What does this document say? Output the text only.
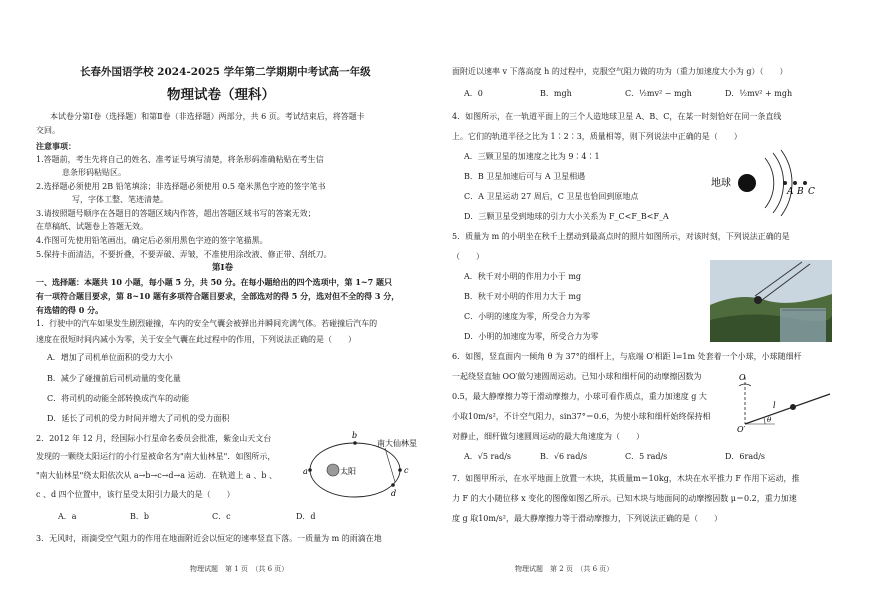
长春外国语学校 2024-2025 学年第二学期期中考试高一年级
物理试卷（理科）
本试卷分第Ⅰ卷（选择题）和第Ⅱ卷（非选择题）两部分，共 6 页。考试结束后，将答题卡
交回。
注意事项：
1.答题前，考生先将自己的姓名、准考证号填写清楚，将条形码准确粘贴在考生信
息条形码粘贴区。
2.选择题必须使用 2B 铅笔填涂；非选择题必须使用 0.5 毫米黑色字迹的签字笔书
写，字体工整、笔迹清楚。
3.请按照题号顺序在各题目的答题区域内作答，超出答题区域书写的答案无效；
在草稿纸、试题卷上答题无效。
4.作图可先使用铅笔画出，确定后必须用黑色字迹的签字笔描黑。
5.保持卡面清洁，不要折叠，不要弄破、弄皱，不准使用涂改液、修正带、刮纸刀。
第Ⅰ卷
一、选择题：本题共 10 小题，每小题 5 分，共 50 分。在每小题给出的四个选项中，第 1~7 题只
有一项符合题目要求，第 8~10 题有多项符合题目要求，全部选对的得 5 分，选对但不全的得 3 分，
有选错的得 0 分。
1．行驶中的汽车如果发生剧烈碰撞，车内的安全气囊会被弹出并瞬间充满气体。若碰撞后汽车的
速度在很短时间内减小为零，关于安全气囊在此过程中的作用，下列说法正确的是（　　）
A．增加了司机单位面积的受力大小
B．减少了碰撞前后司机动量的变化量
C．将司机的动能全部转换成汽车的动能
D．延长了司机的受力时间并增大了司机的受力面积
2．2012 年 12 月，经国际小行星命名委员会批准，紫金山天文台
发现的一颗绕太阳运行的小行星被命名为"南大仙林星"．如图所示，
"南大仙林星"绕太阳依次从 a→b→c→d→a 运动．在轨道上 a 、b 、
c 、d 四个位置中，该行星受太阳引力最大的是（　　）
A．a	B．b	C．c	D．d
太阳
a
b
c
d
南大仙林星
3．无风时，雨滴受空气阻力的作用在地面附近会以恒定的速率竖直下落。一质量为 m 的雨滴在地
物理试题　第 1 页　（共 6 页）
面附近以速率 v 下落高度 h 的过程中，克服空气阻力做的功为（重力加速度大小为 g）（　　）
A．0	B．mgh	C．½mv² − mgh	D．½mv² + mgh
4．如图所示，在一轨道平面上的三个人造地球卫星 A、B、C，在某一时刻恰好在同一条直线
上。它们的轨道半径之比为 1∶2∶3，质量相等，则下列说法中正确的是（　　）
A．三颗卫星的加速度之比为 9∶4∶1
B．B 卫星加速后可与 A 卫星相遇
C．A 卫星运动 27 周后，C 卫星也恰回到原地点
D．三颗卫星受到地球的引力大小关系为 F_C<F_B<F_A
地球
A B C
5．质量为 m 的小明坐在秋千上摆动到最高点时的照片如图所示，对该时刻，下列说法正确的是
（　　）
A．秋千对小明的作用力小于 mg
B．秋千对小明的作用力大于 mg
C．小明的速度为零，所受合力为零
D．小明的加速度为零，所受合力为零
6．如图，竖直面内一倾角 θ 为 37°的细杆上，与底端 O′相距 l=1m 处套着一个小球，小球随细杆
一起绕竖直轴 OO′做匀速圆周运动。已知小球和细杆间的动摩擦因数为
0.5，最大静摩擦力等于滑动摩擦力，小球可看作质点，重力加速度 g 大
小取10m/s²，不计空气阻力，sin37°＝0.6，为使小球和细杆始终保持相
对静止，细杆做匀速圆周运动的最大角速度为（　　）
A．√5 rad/s	B．√6 rad/s	C．5 rad/s	D．6rad/s
O
l
O′
θ
7．如图甲所示，在水平地面上放置一木块，其质量m＝10kg，木块在水平推力 F 作用下运动，推
力 F 的大小随位移 x 变化的图像如图乙所示。已知木块与地面间的动摩擦因数 μ＝0.2，重力加速
度 g 取10m/s²，最大静摩擦力等于滑动摩擦力，下列说法正确的是（　　）
物理试题　第 2 页　（共 6 页）
